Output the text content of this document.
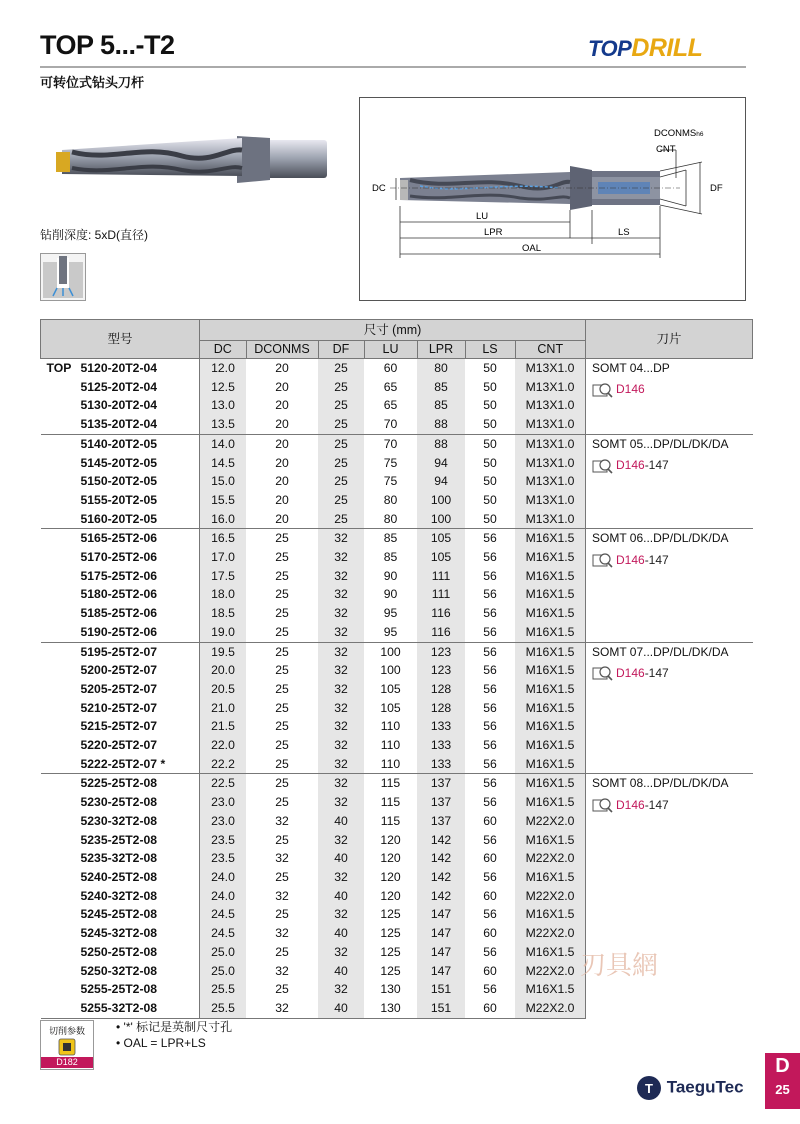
TOP 5...-T2
可转位式钻头刀杆
TOPDRILL
钻削深度: 5xD(直径)
DCONMSh6
CNT
DC	DF
LU
LPR	LS
OAL
型号	尺寸 (mm)							刀片
	DC	DCONMS	DF	LU	LPR	LS	CNT	
TOP 5120-20T2-04	12.0	20	25	60	80	50	M13X1.0	SOMT 04...DP
D146

5125-20T2-04	12.5	20	25	65	85	50	M13X1.0	
5130-20T2-04	13.0	20	25	65	85	50	M13X1.0	
5135-20T2-04	13.5	20	25	70	88	50	M13X1.0	
5140-20T2-05	14.0	20	25	70	88	50	M13X1.0	SOMT 05...DP/DL/DK/DA
D146-147

5145-20T2-05	14.5	20	25	75	94	50	M13X1.0	
5150-20T2-05	15.0	20	25	75	94	50	M13X1.0	
5155-20T2-05	15.5	20	25	80	100	50	M13X1.0	
5160-20T2-05	16.0	20	25	80	100	50	M13X1.0	
5165-25T2-06	16.5	25	32	85	105	56	M16X1.5	SOMT 06...DP/DL/DK/DA
D146-147

5170-25T2-06	17.0	25	32	85	105	56	M16X1.5	
5175-25T2-06	17.5	25	32	90	111	56	M16X1.5	
5180-25T2-06	18.0	25	32	90	111	56	M16X1.5	
5185-25T2-06	18.5	25	32	95	116	56	M16X1.5	
5190-25T2-06	19.0	25	32	95	116	56	M16X1.5	
5195-25T2-07	19.5	25	32	100	123	56	M16X1.5	SOMT 07...DP/DL/DK/DA
D146-147

5200-25T2-07	20.0	25	32	100	123	56	M16X1.5	
5205-25T2-07	20.5	25	32	105	128	56	M16X1.5	
5210-25T2-07	21.0	25	32	105	128	56	M16X1.5	
5215-25T2-07	21.5	25	32	110	133	56	M16X1.5	
5220-25T2-07	22.0	25	32	110	133	56	M16X1.5	
5222-25T2-07 *	22.2	25	32	110	133	56	M16X1.5	
5225-25T2-08	22.5	25	32	115	137	56	M16X1.5	SOMT 08...DP/DL/DK/DA
D146-147

5230-25T2-08	23.0	25	32	115	137	56	M16X1.5	
5230-32T2-08	23.0	32	40	115	137	60	M22X2.0	
5235-25T2-08	23.5	25	32	120	142	56	M16X1.5	
5235-32T2-08	23.5	32	40	120	142	60	M22X2.0	
5240-25T2-08	24.0	25	32	120	142	56	M16X1.5	
5240-32T2-08	24.0	32	40	120	142	60	M22X2.0	
5245-25T2-08	24.5	25	32	125	147	56	M16X1.5	
5245-32T2-08	24.5	32	40	125	147	60	M22X2.0	
5250-25T2-08	25.0	25	32	125	147	56	M16X1.5	
5250-32T2-08	25.0	32	40	125	147	60	M22X2.0	
5255-25T2-08	25.5	25	32	130	151	56	M16X1.5	
5255-32T2-08	25.5	32	40	130	151	60	M22X2.0	
切削参数
D182
• '*' 标记是英制尺寸孔
• OAL = LPR+LS
刃具網
T TaeguTec
D
25
